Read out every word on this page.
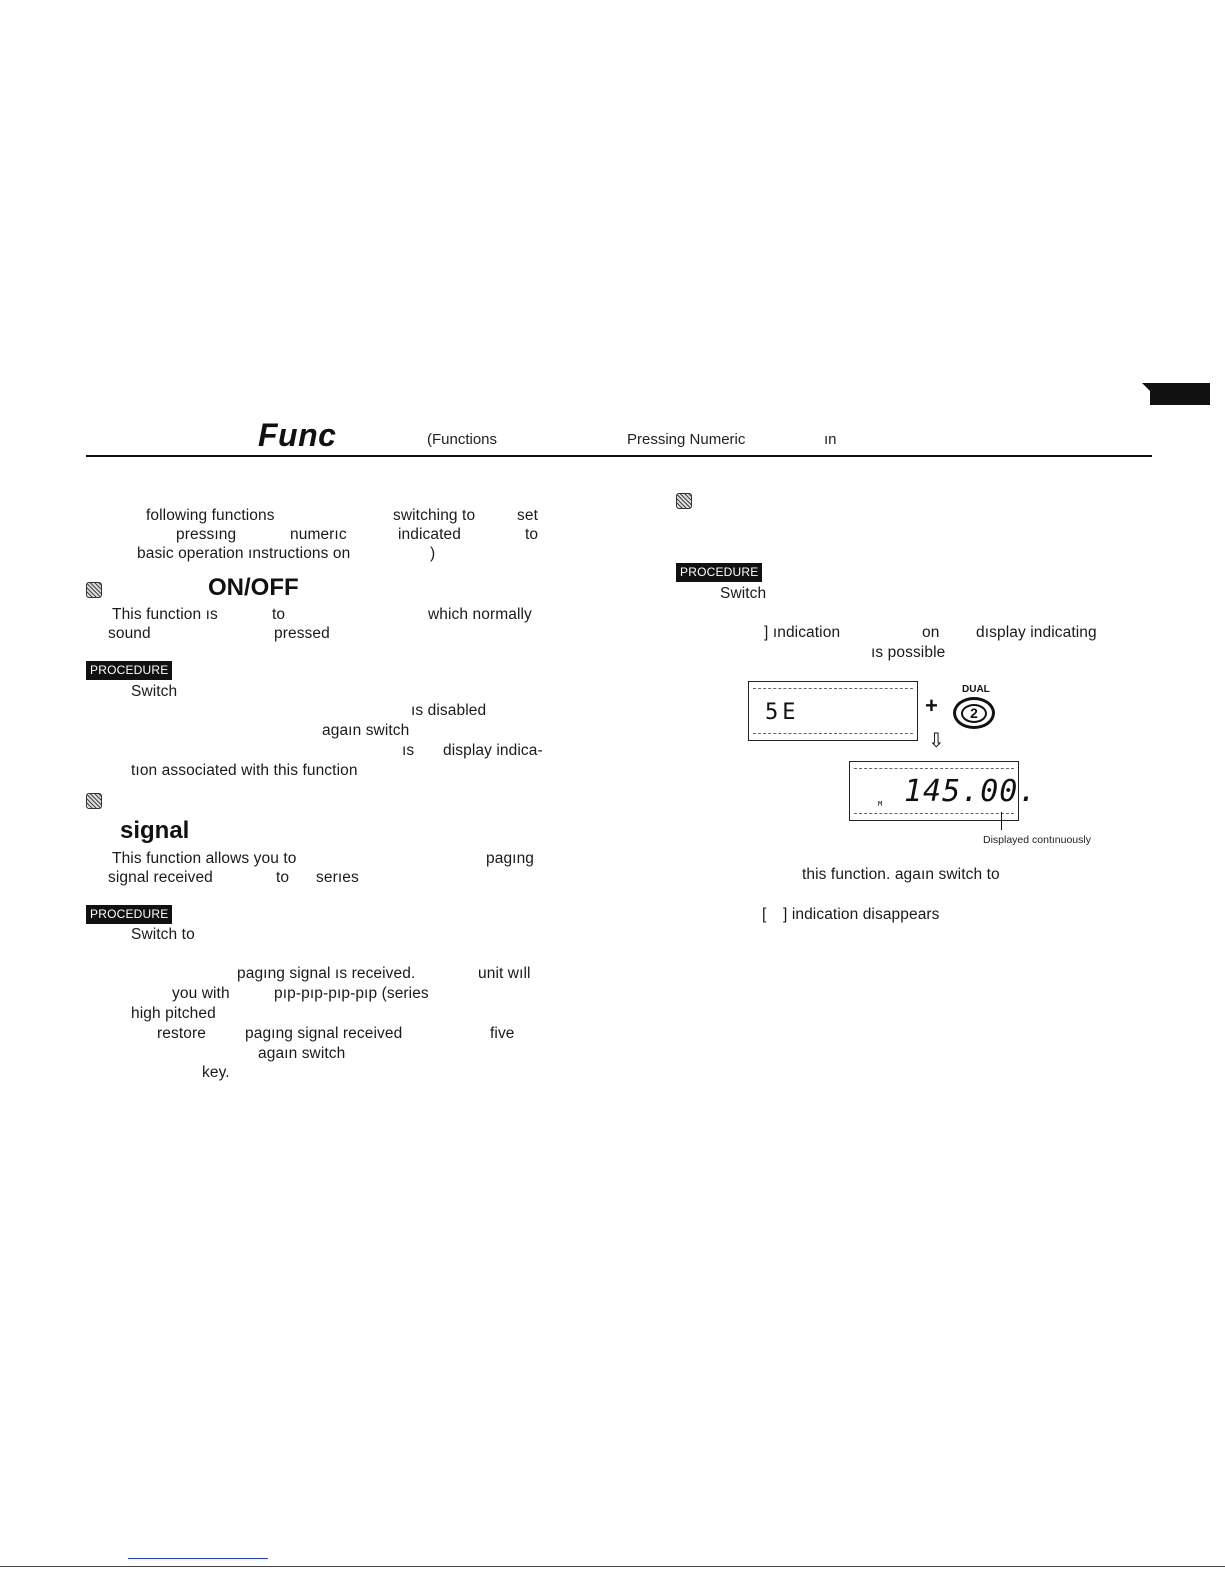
Func	(Functions	Pressing Numeric	ın
following functions	switching to	set
pressıng	numerıc	indicated	to
basic operation ınstructions on	)
ON/OFF
This function ıs	to	which normally
sound	pressed
PROCEDURE
Switch
ıs disabled
agaın switch
ıs display indica-
tıon associated with this function
signal
This function allows you to	pagıng
signal received	to serıes
PROCEDURE
Switch to
pagıng signal ıs received.	unit wıll
you with	pıp-pıp-pıp-pıp (series
high pitched
restore	pagıng signal received	five
agaın switch
key.
PROCEDURE
Switch
] ındication	on dısplay indicating
ıs possible
5E	+
DUAL
2
⇩
145.00.
M
Displayed contınuously
this function. agaın switch to
[ ] indication disappears
